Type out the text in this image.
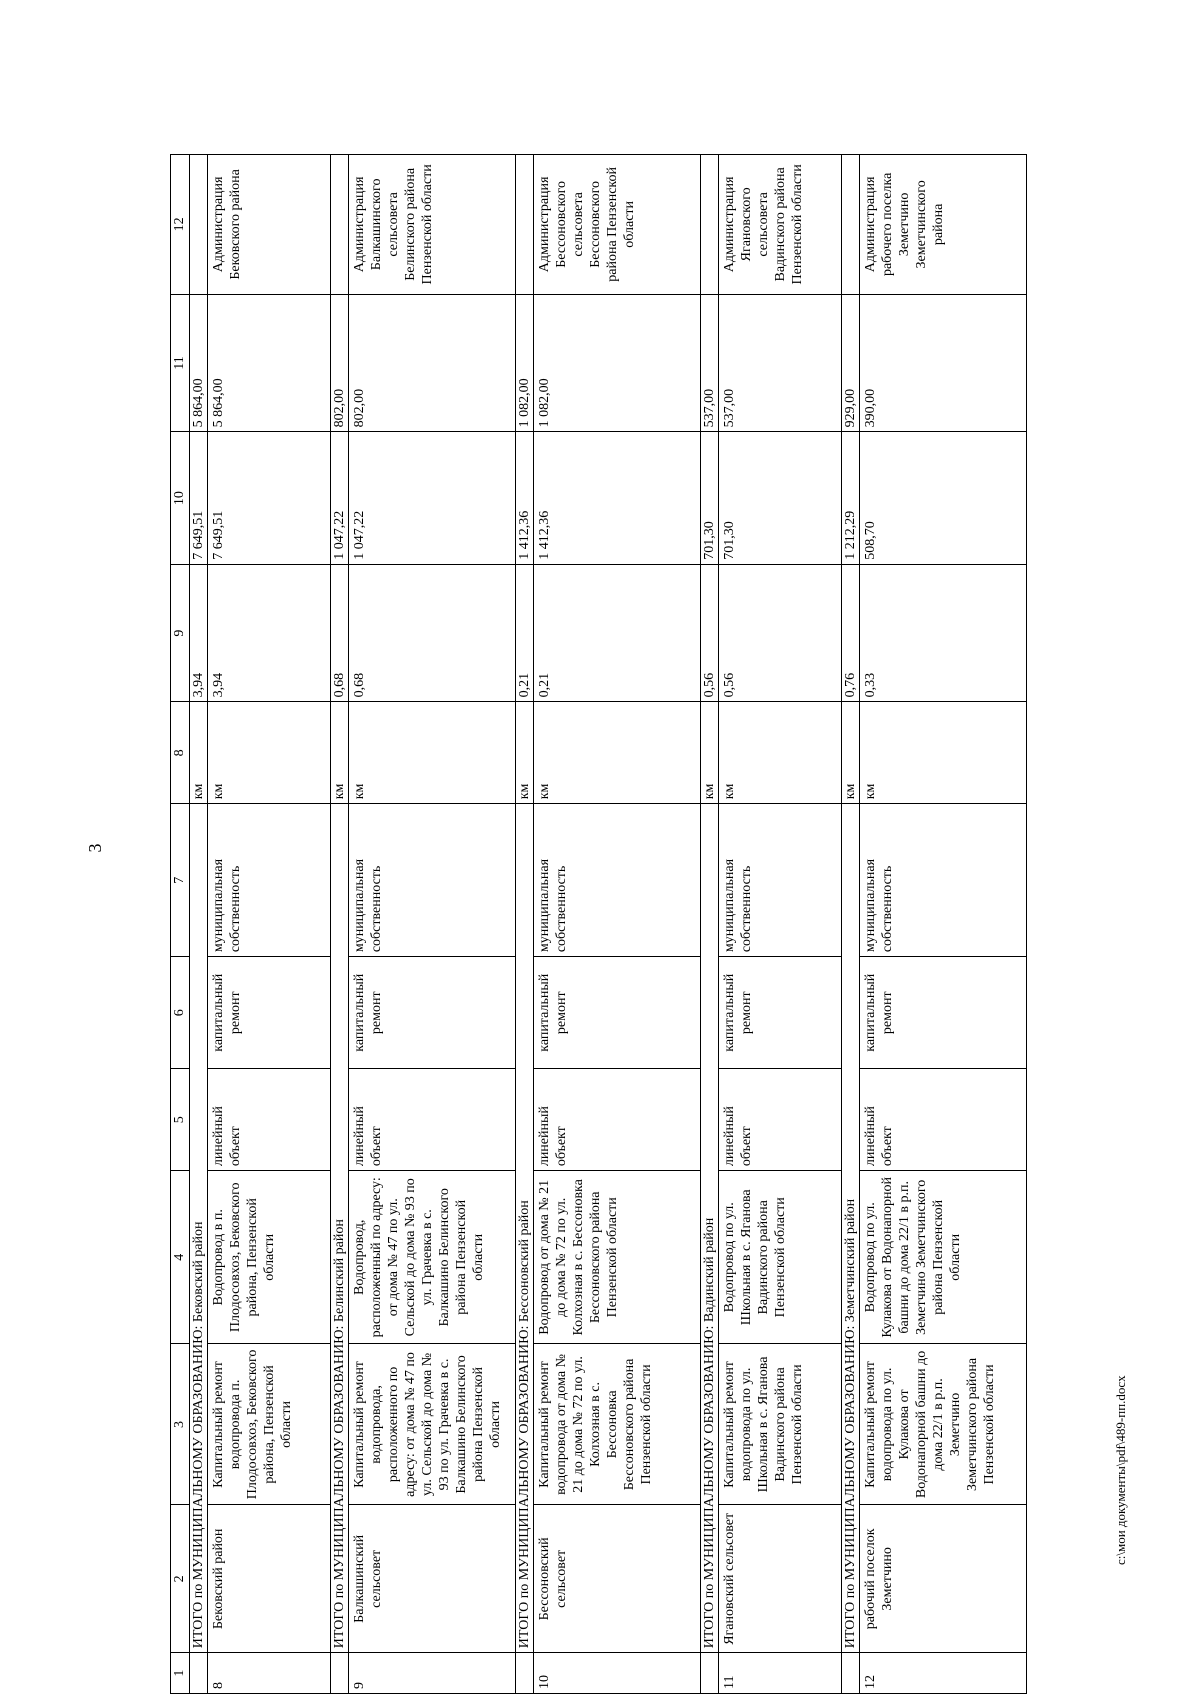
3
1	2	3	4	5	6	7	8	9	10	11	12
	ИТОГО по МУНИЦИПАЛЬНОМУ ОБРАЗОВАНИЮ: Бековский район						км	3,94	7 649,51	5 864,00	
8	Бековский район	Капитальный ремонт водопровода п. Плодосовхоз, Бековского района, Пензенской области	Водопровод в п. Плодосовхоз, Бековского района, Пензенской области	линейный объект	капитальный ремонт	муниципальная собственность	км	3,94	7 649,51	5 864,00	Администрация Бековского района
	ИТОГО по МУНИЦИПАЛЬНОМУ ОБРАЗОВАНИЮ: Белинский район						км	0,68	1 047,22	802,00	
9	Балкашинский сельсовет	Капитальный ремонт водопровода, расположенного по адресу: от дома № 47 по ул. Сельской до дома № 93 по ул. Грачевка в с. Балкашино Белинского района Пензенской области	Водопровод, расположенный по адресу: от дома № 47 по ул. Сельской до дома № 93 по ул. Грачевка в с. Балкашино Белинского района Пензенской области	линейный объект	капитальный ремонт	муниципальная собственность	км	0,68	1 047,22	802,00	Администрация Балкашинского сельсовета Белинского района Пензенской области
	ИТОГО по МУНИЦИПАЛЬНОМУ ОБРАЗОВАНИЮ: Бессоновский район						км	0,21	1 412,36	1 082,00	
10	Бессоновский сельсовет	Капитальный ремонт водопровода от дома № 21 до дома № 72 по ул. Колхозная в с. Бессоновка Бессоновского района Пензенской области	Водопровод от дома № 21 до дома № 72 по ул. Колхозная в с. Бессоновка Бессоновского района Пензенской области	линейный объект	капитальный ремонт	муниципальная собственность	км	0,21	1 412,36	1 082,00	Администрация Бессоновского сельсовета Бессоновского района Пензенской области
	ИТОГО по МУНИЦИПАЛЬНОМУ ОБРАЗОВАНИЮ: Вадинский район						км	0,56	701,30	537,00	
11	Ягановский сельсовет	Капитальный ремонт водопровода по ул. Школьная в с. Яганова Вадинского района Пензенской области	Водопровод по ул. Школьная в с. Яганова Вадинского района Пензенской области	линейный объект	капитальный ремонт	муниципальная собственность	км	0,56	701,30	537,00	Администрация Ягановского сельсовета Вадинского района Пензенской области
	ИТОГО по МУНИЦИПАЛЬНОМУ ОБРАЗОВАНИЮ: Земетчинский район						км	0,76	1 212,29	929,00	
12	рабочий поселок Земетчино	Капитальный ремонт водопровода по ул. Кулакова от Водонапорной башни до дома 22/1 в р.п. Земетчино Земетчинского района Пензенской области	Водопровод по ул. Кулакова от Водонапорной башни до дома 22/1 в р.п. Земетчино Земетчинского района Пензенской области	линейный объект	капитальный ремонт	муниципальная собственность	км	0,33	508,70	390,00	Администрация рабочего поселка Земетчино Земетчинского района
c:\мои документы\pdf\489-пп.docx
